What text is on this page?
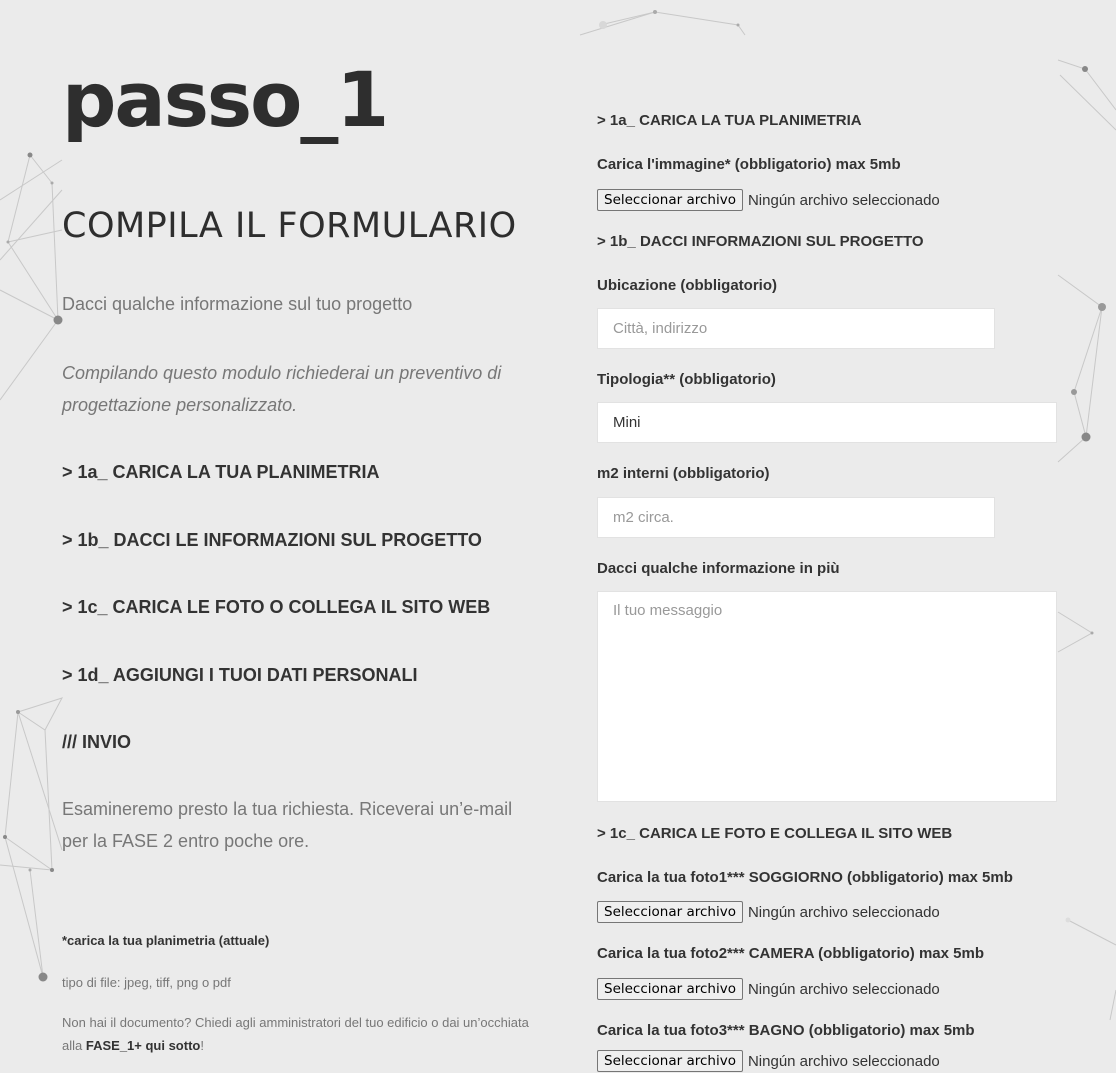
passo_1
COMPILA IL FORMULARIO

Dacci qualche informazione sul tuo progetto

Compilando questo modulo richiederai un preventivo di progettazione personalizzato.

> 1a_ CARICA LA TUA PLANIMETRIA

> 1b_ DACCI LE INFORMAZIONI SUL PROGETTO

> 1c_ CARICA LE FOTO O COLLEGA IL SITO WEB

> 1d_ AGGIUNGI I TUOI DATI PERSONALI

/// INVIO

Esamineremo presto la tua richiesta. Riceverai un’e-mail per la FASE 2 entro poche ore.

*carica la tua planimetria (attuale)

tipo di file: jpeg, tiff, png o pdf

Non hai il documento? Chiedi agli amministratori del tuo edificio o dai un’occhiata alla FASE_1+ qui sotto!

> 1a_ CARICA LA TUA PLANIMETRIA

Carica l'immagine* (obbligatorio) max 5mb

Seleccionar archivo Ningún archivo seleccionado

> 1b_ DACCI INFORMAZIONI SUL PROGETTO

Ubicazione (obbligatorio)

Città, indirizzo

Tipologia** (obbligatorio)

Mini

m2 interni (obbligatorio)

m2 circa.

Dacci qualche informazione in più

Il tuo messaggio

> 1c_ CARICA LE FOTO E COLLEGA IL SITO WEB

Carica la tua foto1*** SOGGIORNO (obbligatorio) max 5mb

Seleccionar archivo Ningún archivo seleccionado

Carica la tua foto2*** CAMERA (obbligatorio) max 5mb

Seleccionar archivo Ningún archivo seleccionado

Carica la tua foto3*** BAGNO (obbligatorio) max 5mb

Seleccionar archivo Ningún archivo seleccionado
